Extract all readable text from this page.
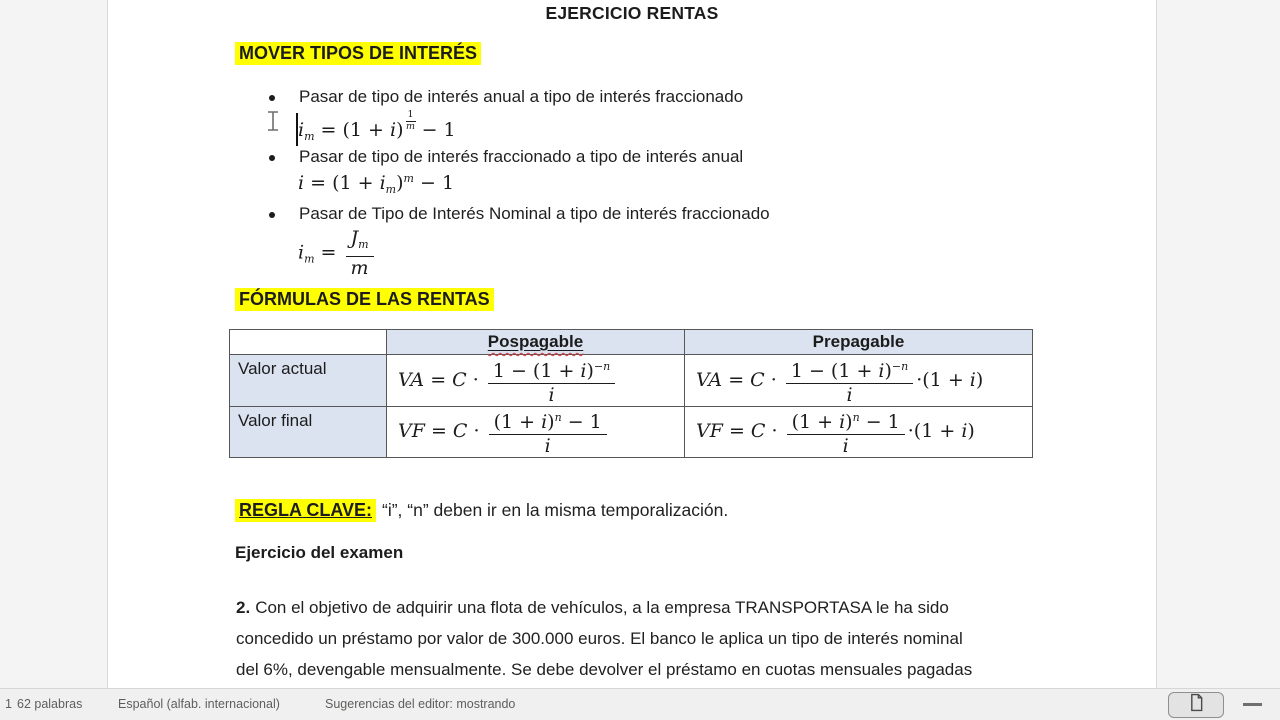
EJERCICIO RENTAS
MOVER TIPOS DE INTERÉS
Pasar de tipo de interés anual a tipo de interés fraccionado
$i_m = (1 + i) \frac{1}{m} - 1$
Pasar de tipo de interés fraccionado a tipo de interés anual
$i = (1 + i_m)^m - 1$
Pasar de Tipo de Interés Nominal a tipo de interés fraccionado
$i_m = \frac{J_m}{m}$
FÓRMULAS DE LAS RENTAS
	Pospagable	Prepagable
Valor actual	VA = $C \cdot \frac{1 - (1 + i)^{-n}}{i}$	VA = $C \cdot \frac{1 - (1 + i)^{-n}}{i} \cdot(1 + i)$
Valor final	VF = $C \cdot \frac{(1 + i)^n - 1}{i}$	VF = $C \cdot \frac{(1 + i)^n - 1}{i} \cdot(1 + i)$
REGLA CLAVE: “i”, “n” deben ir en la misma temporalización.
Ejercicio del examen
2. Con el objetivo de adquirir una flota de vehículos, a la empresa TRANSPORTASA le ha sido
concedido un préstamo por valor de 300.000 euros. El banco le aplica un tipo de interés nominal
del 6%, devengable mensualmente. Se debe devolver el préstamo en cuotas mensuales pagadas
1 62 palabras	Español (alfab. internacional)	Sugerencias del editor: mostrando
